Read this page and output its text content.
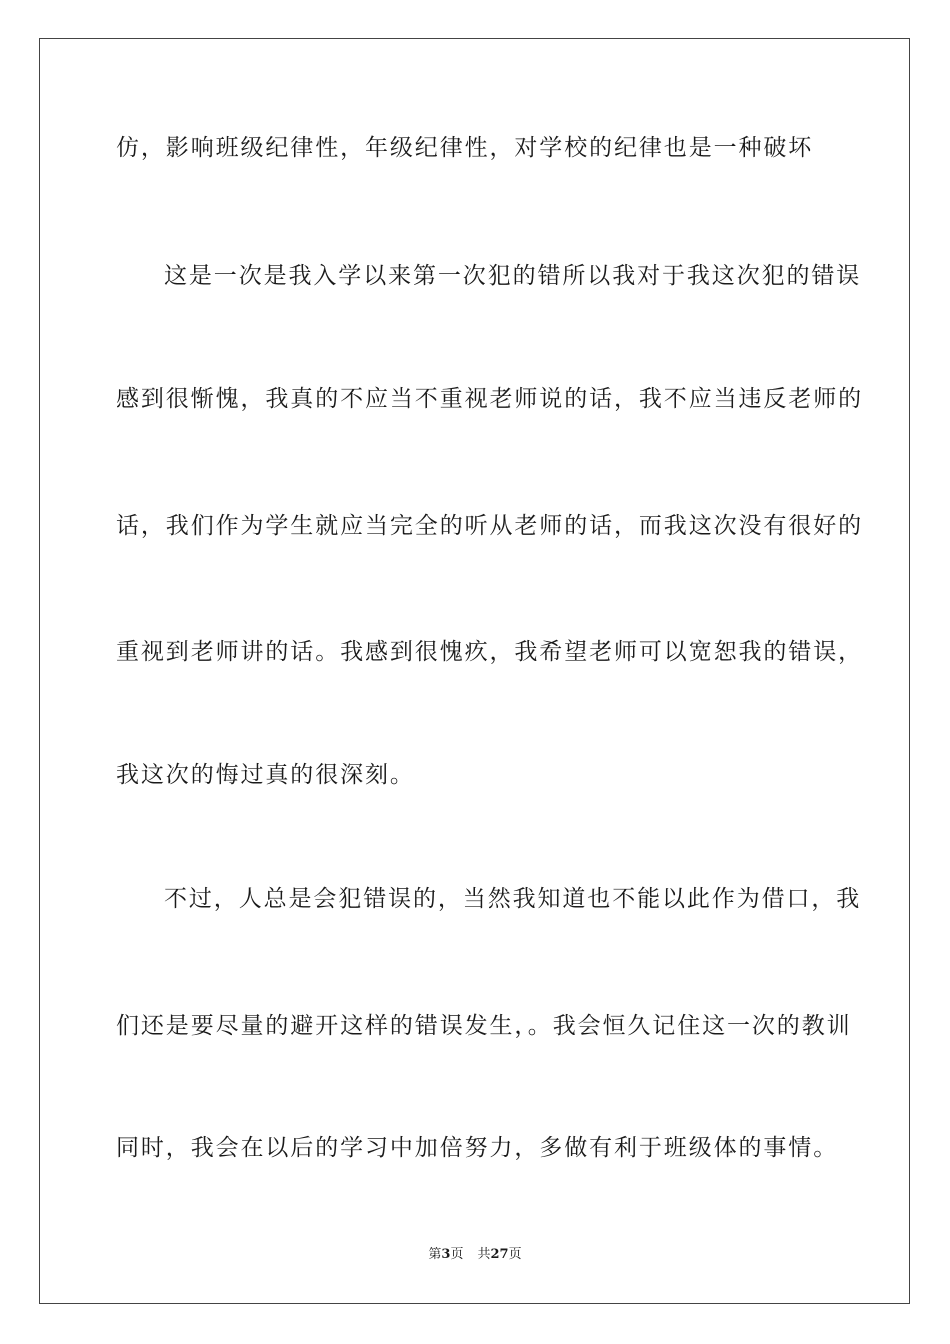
仿，影响班级纪律性，年级纪律性，对学校的纪律也是一种破坏
这是一次是我入学以来第一次犯的错所以我对于我这次犯的错误
感到很惭愧，我真的不应当不重视老师说的话，我不应当违反老师的
话，我们作为学生就应当完全的听从老师的话，而我这次没有很好的
重视到老师讲的话。我感到很愧疚，我希望老师可以宽恕我的错误，
我这次的悔过真的很深刻。
不过，人总是会犯错误的，当然我知道也不能以此作为借口，我
们还是要尽量的避开这样的错误发生，。我会恒久记住这一次的教训
同时，我会在以后的学习中加倍努力，多做有利于班级体的事情。
第3页 共27页
